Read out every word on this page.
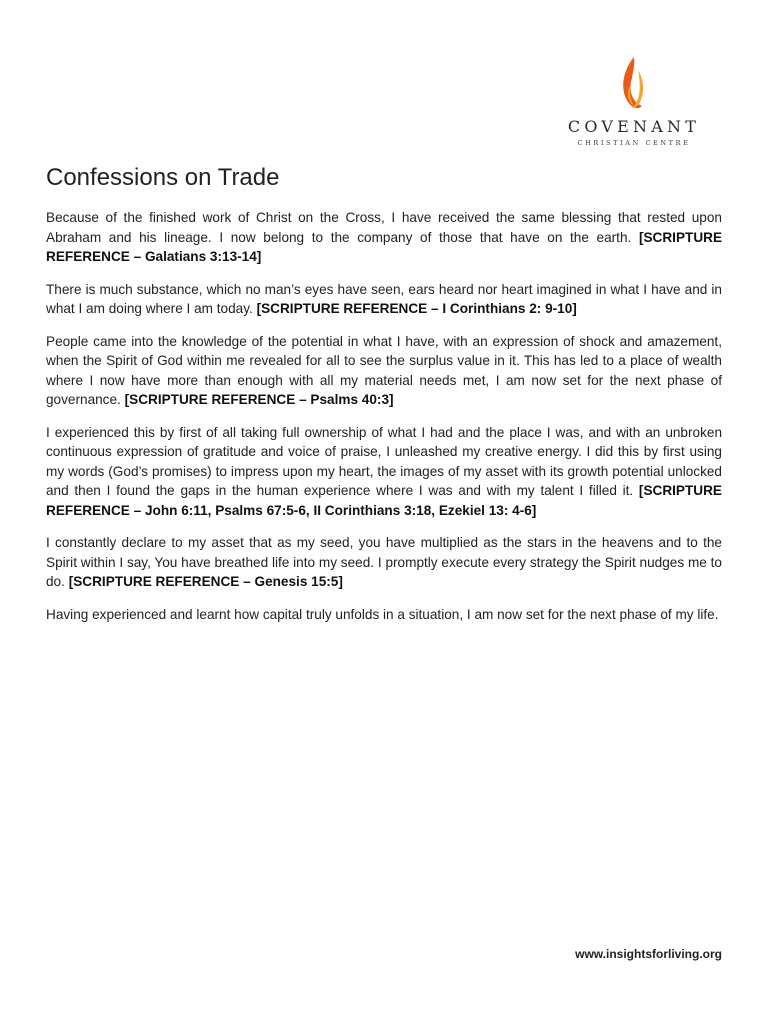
COVENANT
CHRISTIAN CENTRE
Confessions on Trade

Because of the finished work of Christ on the Cross, I have received the same blessing that rested upon Abraham and his lineage. I now belong to the company of those that have on the earth. [SCRIPTURE REFERENCE – Galatians 3:13-14]

There is much substance, which no man’s eyes have seen, ears heard nor heart imagined in what I have and in what I am doing where I am today. [SCRIPTURE REFERENCE – I Corinthians 2: 9-10]

People came into the knowledge of the potential in what I have, with an expression of shock and amazement, when the Spirit of God within me revealed for all to see the surplus value in it. This has led to a place of wealth where I now have more than enough with all my material needs met, I am now set for the next phase of governance. [SCRIPTURE REFERENCE – Psalms 40:3]

I experienced this by first of all taking full ownership of what I had and the place I was, and with an unbroken continuous expression of gratitude and voice of praise, I unleashed my creative energy. I did this by first using my words (God’s promises) to impress upon my heart, the images of my asset with its growth potential unlocked and then I found the gaps in the human experience where I was and with my talent I filled it. [SCRIPTURE REFERENCE – John 6:11, Psalms 67:5-6, II Corinthians 3:18, Ezekiel 13: 4-6]

I constantly declare to my asset that as my seed, you have multiplied as the stars in the heavens and to the Spirit within I say, You have breathed life into my seed. I promptly execute every strategy the Spirit nudges me to do. [SCRIPTURE REFERENCE – Genesis 15:5]

Having experienced and learnt how capital truly unfolds in a situation, I am now set for the next phase of my life.

www.insightsforliving.org
